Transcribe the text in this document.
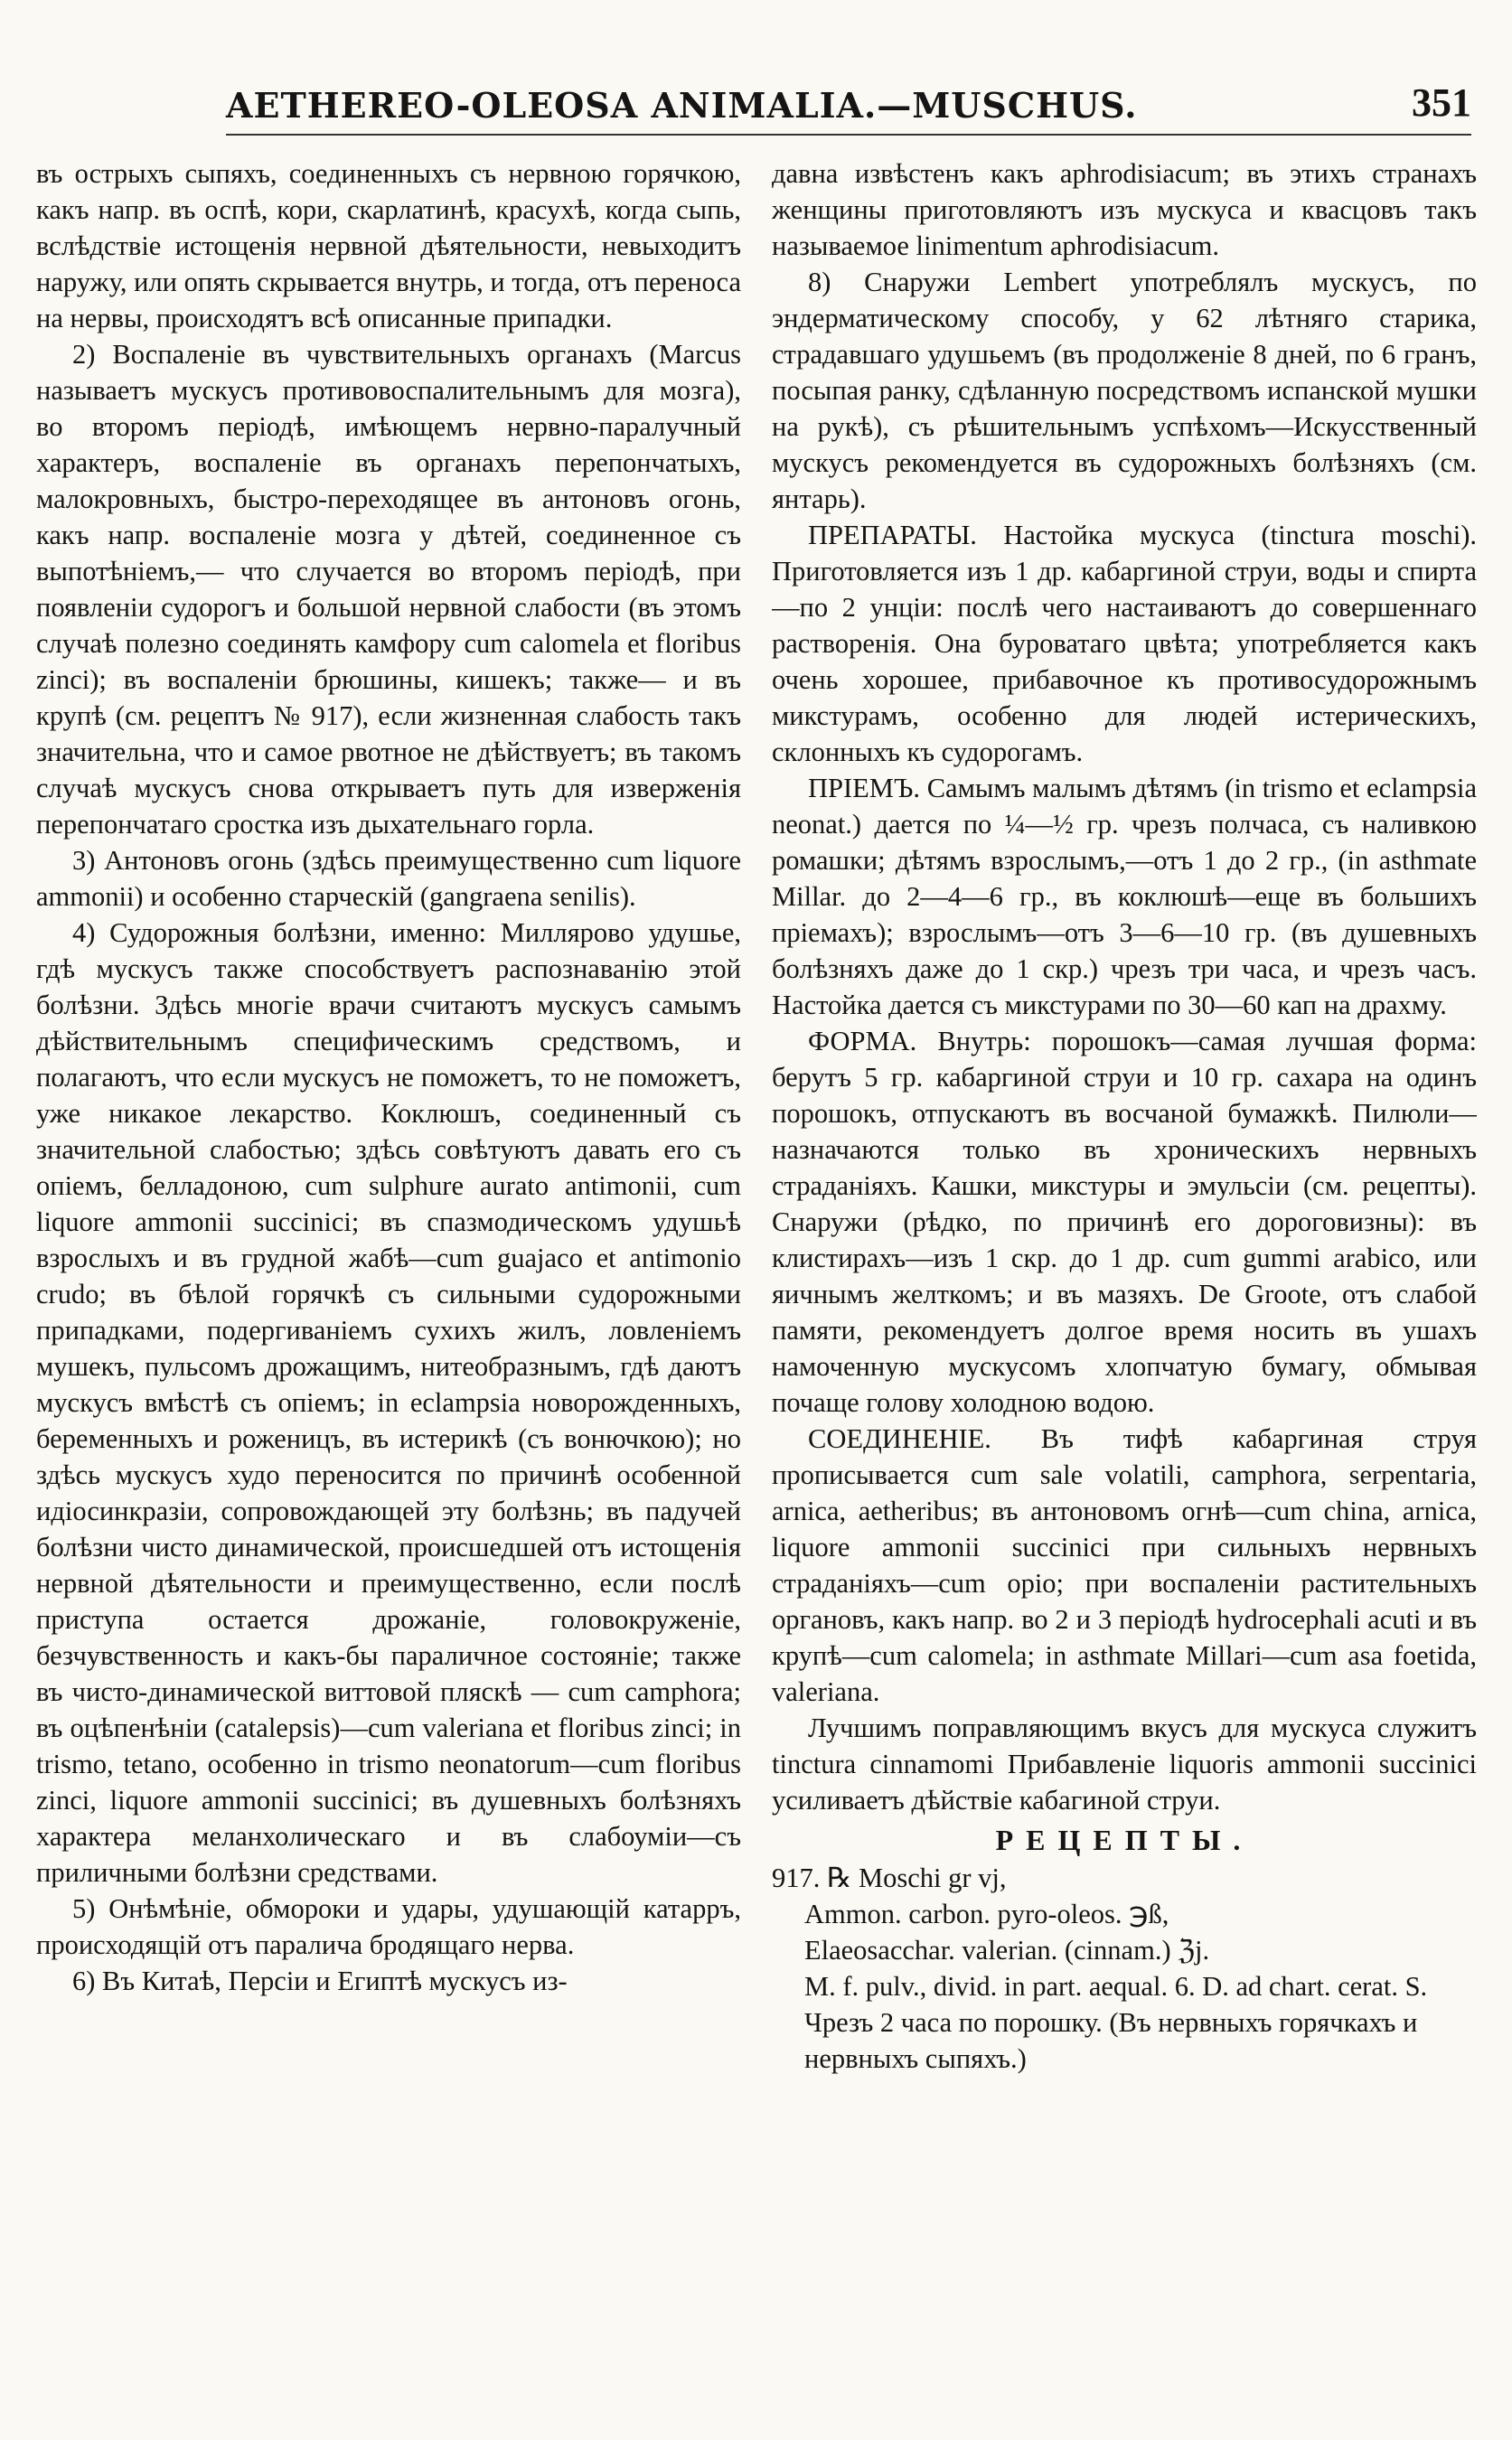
AETHEREO-OLEOSA ANIMALIA.—MUSCHUS.	351

въ острыхъ сыпяхъ, соединенныхъ съ нервною горячкою, какъ напр. въ оспѣ, кори, скарлатинѣ, красухѣ, когда сыпь, вслѣдствіе истощенія нервной дѣятельности, невыходитъ наружу, или опять скрывается внутрь, и тогда, отъ переноса на нервы, происходятъ всѣ описанные припадки.

2) Воспаленіе въ чувствительныхъ органахъ (Marcus называетъ мускусъ противовоспалительнымъ для мозга), во второмъ періодѣ, имѣющемъ нервно-паралучный характеръ, воспаленіе въ органахъ перепончатыхъ, малокровныхъ, быстро-переходящее въ антоновъ огонь, какъ напр. воспаленіе мозга у дѣтей, соединенное съ выпотѣніемъ,— что случается во второмъ періодѣ, при появленіи судорогъ и большой нервной слабости (въ этомъ случаѣ полезно соединять камфору cum calomela et floribus zinci); въ воспаленіи брюшины, кишекъ; также— и въ крупѣ (см. рецептъ № 917), если жизненная слабость такъ значительна, что и самое рвотное не дѣйствуетъ; въ такомъ случаѣ мускусъ снова открываетъ путь для изверженія перепончатаго сростка изъ дыхательнаго горла.

3) Антоновъ огонь (здѣсь преимущественно cum liquore ammonii) и особенно старческій (gangraena senilis).

4) Судорожныя болѣзни, именно: Миллярово удушье, гдѣ мускусъ также способствуетъ распознаванію этой болѣзни. Здѣсь многіе врачи считаютъ мускусъ самымъ дѣйствительнымъ специфическимъ средствомъ, и полагаютъ, что если мускусъ не поможетъ, то не поможетъ, уже никакое лекарство. Коклюшъ, соединенный съ значительной слабостью; здѣсь совѣтуютъ давать его съ опіемъ, белладоною, cum sulphure aurato antimonii, cum liquore ammonii succinici; въ спазмодическомъ удушьѣ взрослыхъ и въ грудной жабѣ—cum guajaco et antimonio crudo; въ бѣлой горячкѣ съ сильными судорожными припадками, подергиваніемъ сухихъ жилъ, ловленіемъ мушекъ, пульсомъ дрожащимъ, нитеобразнымъ, гдѣ даютъ мускусъ вмѣстѣ съ опіемъ; in eclampsia новорожденныхъ, беременныхъ и роженицъ, въ истерикѣ (съ вонючкою); но здѣсь мускусъ худо переносится по причинѣ особенной идіосинкразіи, сопровождающей эту болѣзнь; въ падучей болѣзни чисто динамической, происшедшей отъ истощенія нервной дѣятельности и преимущественно, если послѣ приступа остается дрожаніе, головокруженіе, безчувственность и какъ-бы параличное состояніе; также въ чисто-динамической виттовой пляскѣ — cum camphora; въ оцѣпенѣніи (catalepsis)—cum valeriana et floribus zinci; in trismo, tetano, особенно in trismo neonatorum—cum floribus zinci, liquore ammonii succinici; въ душевныхъ болѣзняхъ характера меланхолическаго и въ слабоуміи—съ приличными болѣзни средствами.

5) Онѣмѣніе, обмороки и удары, удушающій катарръ, происходящій отъ паралича бродящаго нерва.

6) Въ Китаѣ, Персіи и Египтѣ мускусъ из-

давна извѣстенъ какъ aphrodisiacum; въ этихъ странахъ женщины приготовляютъ изъ мускуса и квасцовъ такъ называемое linimentum aphrodisiacum.

8) Снаружи Lembert употреблялъ мускусъ, по эндерматическому способу, у 62 лѣтняго старика, страдавшаго удушьемъ (въ продолженіе 8 дней, по 6 гранъ, посыпая ранку, сдѣланную посредствомъ испанской мушки на рукѣ), съ рѣшительнымъ успѣхомъ—Искусственный мускусъ рекомендуется въ судорожныхъ болѣзняхъ (см. янтарь).

ПРЕПАРАТЫ. Настойка мускуса (tinctura moschi). Приготовляется изъ 1 др. кабаргиной струи, воды и спирта—по 2 унціи: послѣ чего настаиваютъ до совершеннаго растворенія. Она буроватаго цвѣта; употребляется какъ очень хорошее, прибавочное къ противосудорожнымъ микстурамъ, особенно для людей истерическихъ, склонныхъ къ судорогамъ.

ПРІЕМЪ. Самымъ малымъ дѣтямъ (in trismo et eclampsia neonat.) дается по ¼—½ гр. чрезъ полчаса, съ наливкою ромашки; дѣтямъ взрослымъ,—отъ 1 до 2 гр., (in asthmate Millar. до 2—4—6 гр., въ коклюшѣ—еще въ большихъ пріемахъ); взрослымъ—отъ 3—6—10 гр. (въ душевныхъ болѣзняхъ даже до 1 скр.) чрезъ три часа, и чрезъ часъ. Настойка дается съ микстурами по 30—60 кап на драхму.

ФОРМА. Внутрь: порошокъ—самая лучшая форма: берутъ 5 гр. кабаргиной струи и 10 гр. сахара на одинъ порошокъ, отпускаютъ въ восчаной бумажкѣ. Пилюли—назначаются только въ хроническихъ нервныхъ страданіяхъ. Кашки, микстуры и эмульсіи (см. рецепты). Снаружи (рѣдко, по причинѣ его дороговизны): въ клистирахъ—изъ 1 скр. до 1 др. cum gummi arabico, или яичнымъ желткомъ; и въ мазяхъ. De Groote, отъ слабой памяти, рекомендуетъ долгое время носить въ ушахъ намоченную мускусомъ хлопчатую бумагу, обмывая почаще голову холодною водою.

СОЕДИНЕНІЕ. Въ тифѣ кабаргиная струя прописывается cum sale volatili, camphora, serpentaria, arnica, aetheribus; въ антоновомъ огнѣ—cum china, arnica, liquore ammonii succinici при сильныхъ нервныхъ страданіяхъ—cum opio; при воспаленіи растительныхъ органовъ, какъ напр. во 2 и 3 періодѣ hydrocephali acuti и въ крупѣ—cum calomela; in asthmate Millari—cum asa foetida, valeriana.

Лучшимъ поправляющимъ вкусъ для мускуса служитъ tinctura cinnamomi Прибавленіе liquoris ammonii succinici усиливаетъ дѣйствіе кабагиной струи.

РЕЦЕПТЫ.
917. ℞ Moschi gr vj,
Ammon. carbon. pyro-oleos. ℈ß,
Elaeosacchar. valerian. (cinnam.) ℨj.
M. f. pulv., divid. in part. aequal. 6. D. ad chart. cerat. S. Чрезъ 2 часа по порошку. (Въ нервныхъ горячкахъ и нервныхъ сыпяхъ.)
